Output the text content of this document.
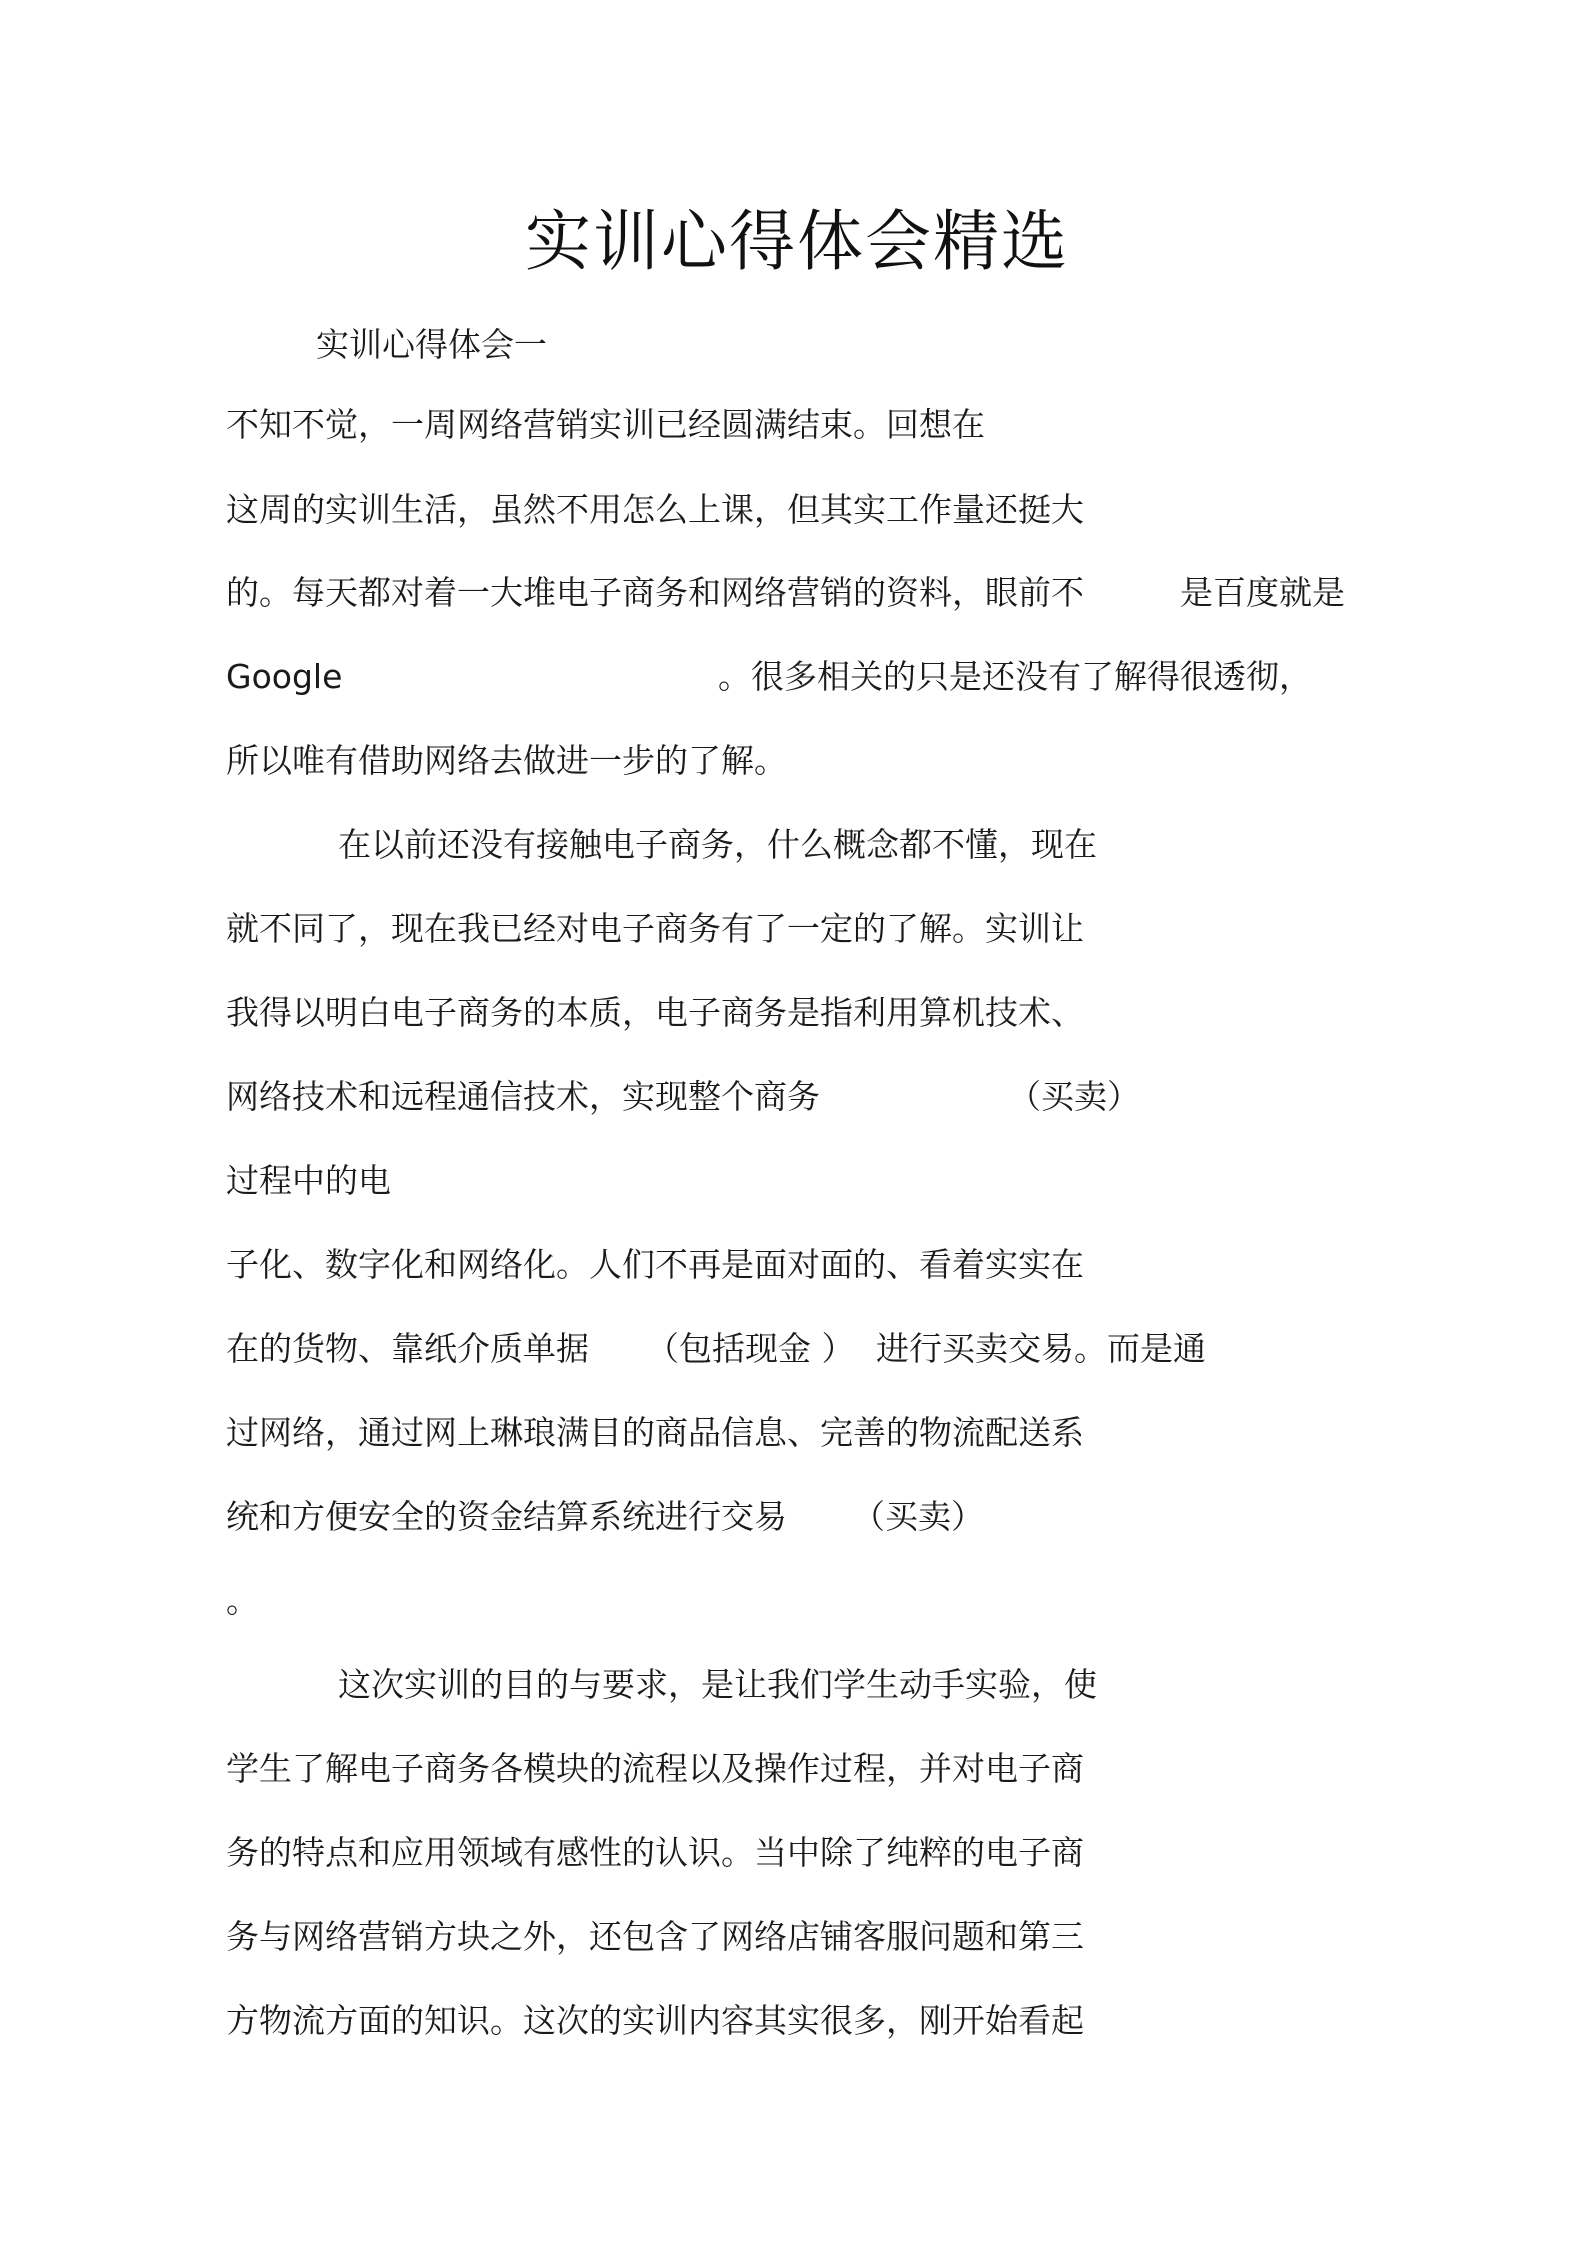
实训心得体会精选
实训心得体会一
不知不觉，一周网络营销实训已经圆满结束。回想在
这周的实训生活，虽然不用怎么上课，但其实工作量还挺大
的。每天都对着一大堆电子商务和网络营销的资料，眼前不	是百度就是
Google	。很多相关的只是还没有了解得很透彻，
所以唯有借助网络去做进一步的了解。
在以前还没有接触电子商务，什么概念都不懂，现在
就不同了，现在我已经对电子商务有了一定的了解。实训让
我得以明白电子商务的本质，电子商务是指利用算机技术、
网络技术和远程通信技术，实现整个商务	（买卖）
过程中的电
子化、数字化和网络化。人们不再是面对面的、看着实实在
在的货物、靠纸介质单据 （包括现金 ） 进行买卖交易。而是通
过网络，通过网上琳琅满目的商品信息、完善的物流配送系
统和方便安全的资金结算系统进行交易 （买卖）
。
这次实训的目的与要求，是让我们学生动手实验，使
学生了解电子商务各模块的流程以及操作过程，并对电子商
务的特点和应用领域有感性的认识。当中除了纯粹的电子商
务与网络营销方块之外，还包含了网络店铺客服问题和第三
方物流方面的知识。这次的实训内容其实很多，刚开始看起
